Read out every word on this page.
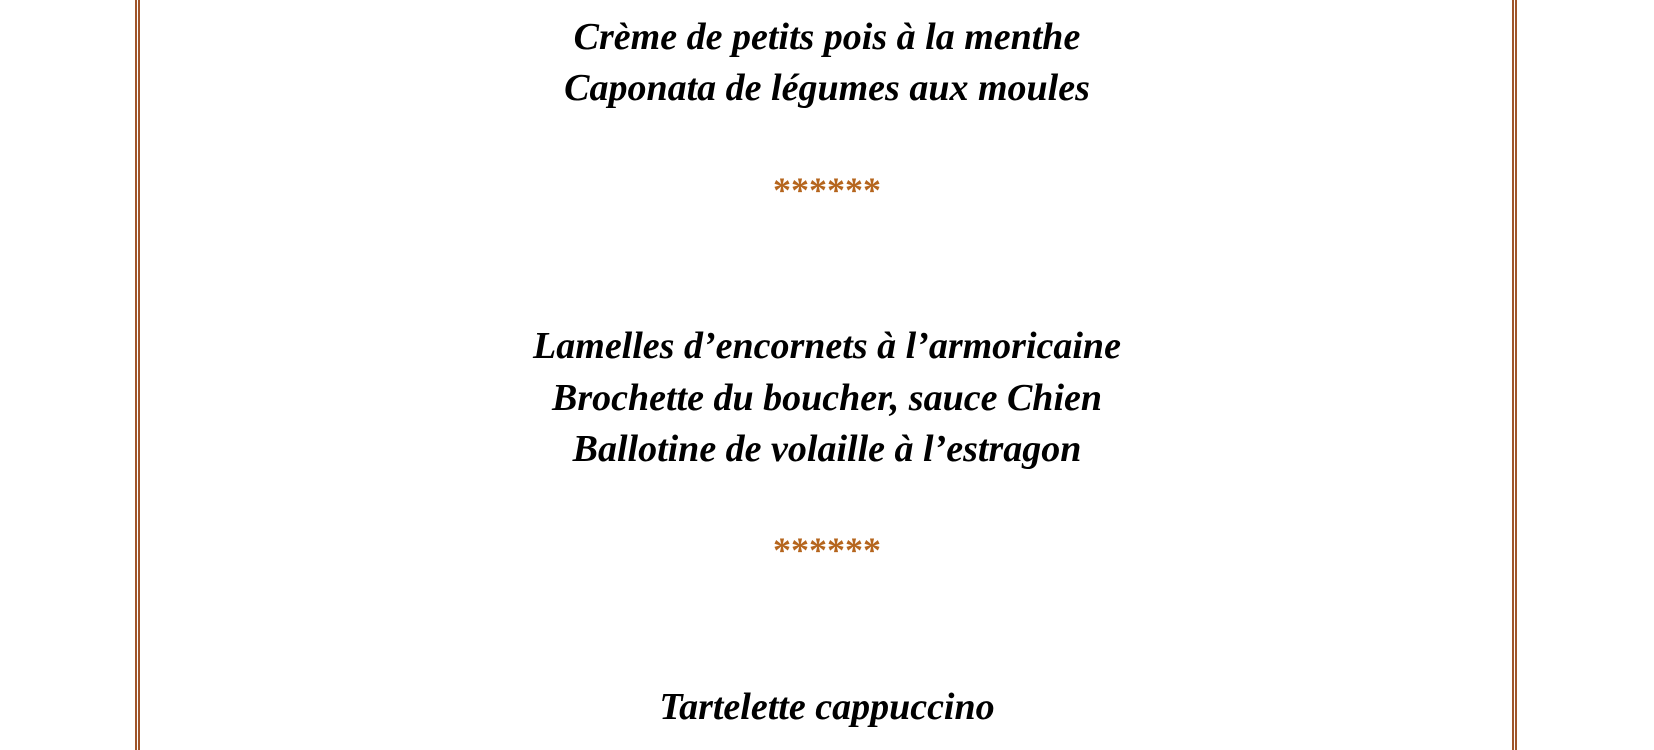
Crème de petits pois à la menthe
Caponata de légumes aux moules
******
Lamelles d’encornets à l’armoricaine
Brochette du boucher, sauce Chien
Ballotine de volaille à l’estragon
******
Tartelette cappuccino
